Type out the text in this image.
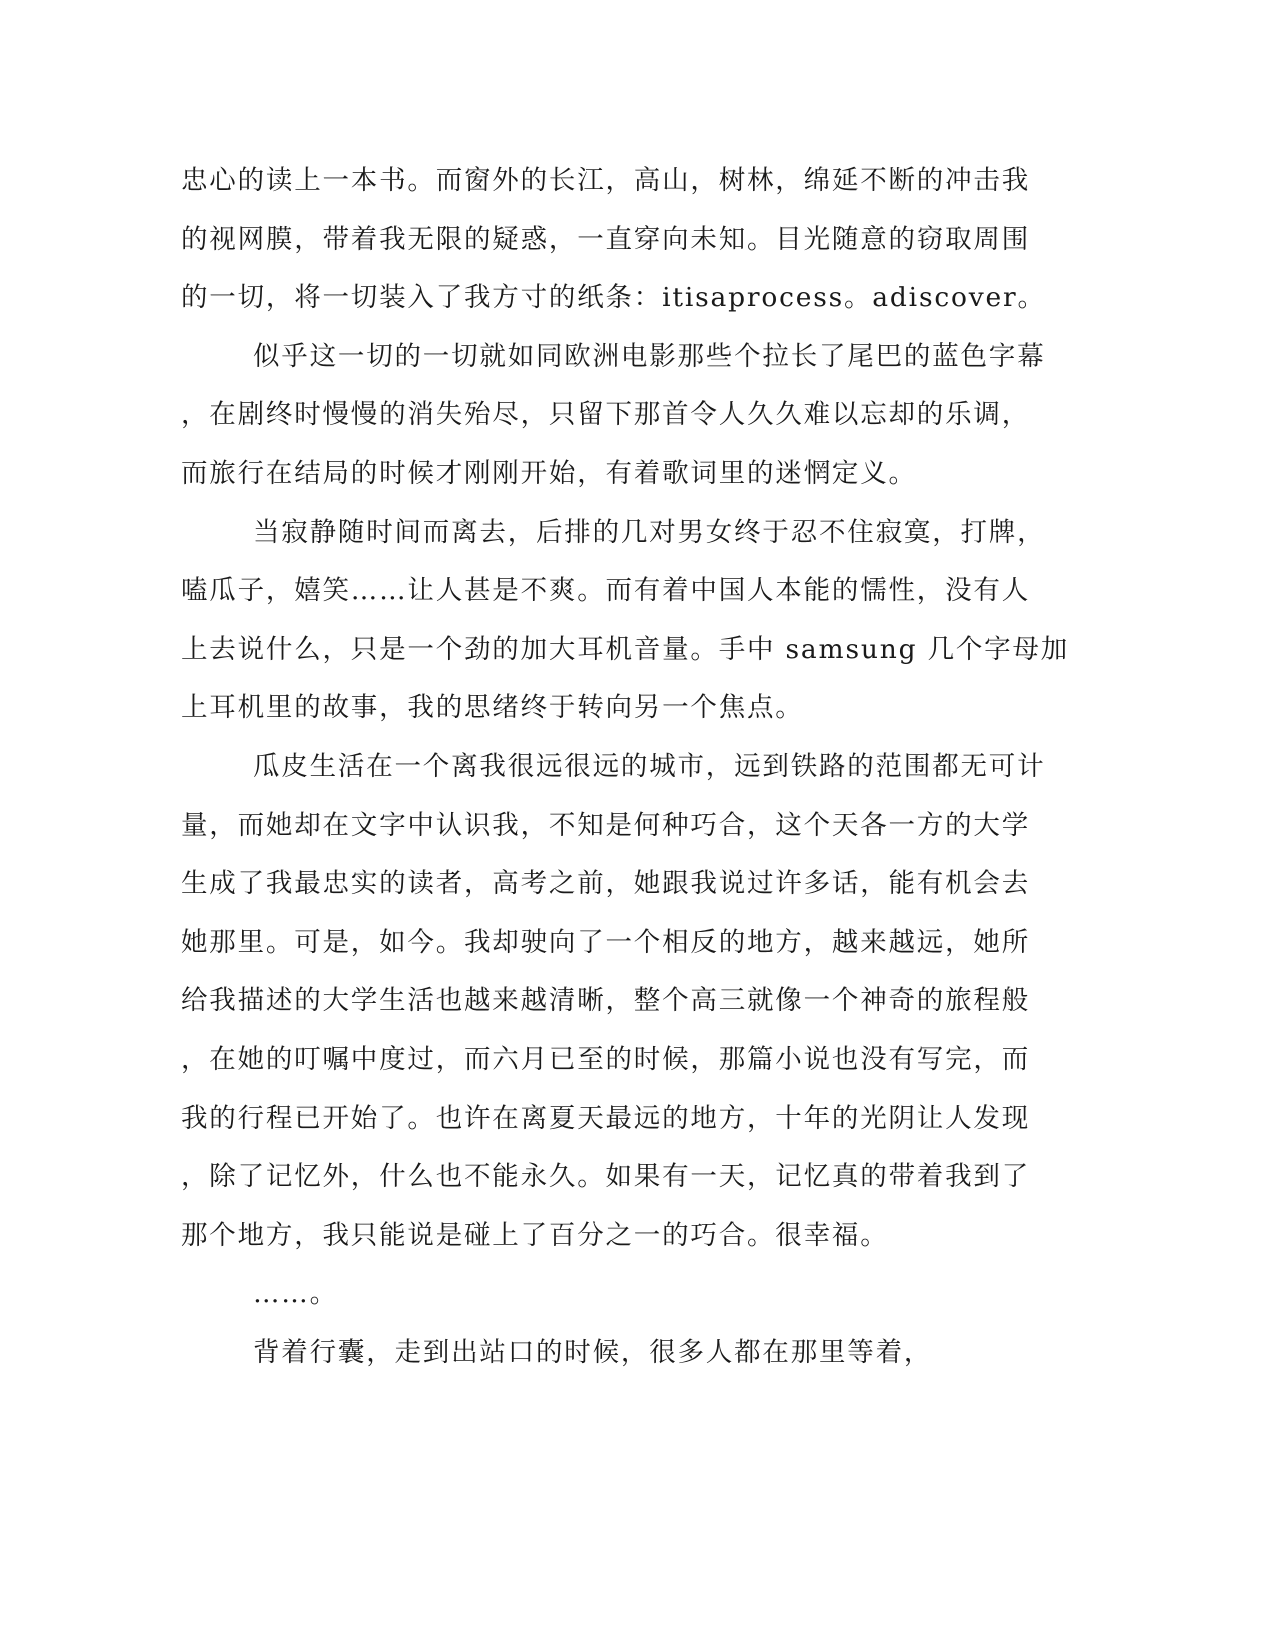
忠心的读上一本书。而窗外的长江，高山，树林，绵延不断的冲击我
的视网膜，带着我无限的疑惑，一直穿向未知。目光随意的窃取周围
的一切，将一切装入了我方寸的纸条：itisaprocess。adiscover。
似乎这一切的一切就如同欧洲电影那些个拉长了尾巴的蓝色字幕
，在剧终时慢慢的消失殆尽，只留下那首令人久久难以忘却的乐调，
而旅行在结局的时候才刚刚开始，有着歌词里的迷惘定义。
当寂静随时间而离去，后排的几对男女终于忍不住寂寞，打牌，
嗑瓜子，嬉笑……让人甚是不爽。而有着中国人本能的懦性，没有人
上去说什么，只是一个劲的加大耳机音量。手中 samsung 几个字母加
上耳机里的故事，我的思绪终于转向另一个焦点。
瓜皮生活在一个离我很远很远的城市，远到铁路的范围都无可计
量，而她却在文字中认识我，不知是何种巧合，这个天各一方的大学
生成了我最忠实的读者，高考之前，她跟我说过许多话，能有机会去
她那里。可是，如今。我却驶向了一个相反的地方，越来越远，她所
给我描述的大学生活也越来越清晰，整个高三就像一个神奇的旅程般
，在她的叮嘱中度过，而六月已至的时候，那篇小说也没有写完，而
我的行程已开始了。也许在离夏天最远的地方，十年的光阴让人发现
，除了记忆外，什么也不能永久。如果有一天，记忆真的带着我到了
那个地方，我只能说是碰上了百分之一的巧合。很幸福。
……。
背着行囊，走到出站口的时候，很多人都在那里等着，
